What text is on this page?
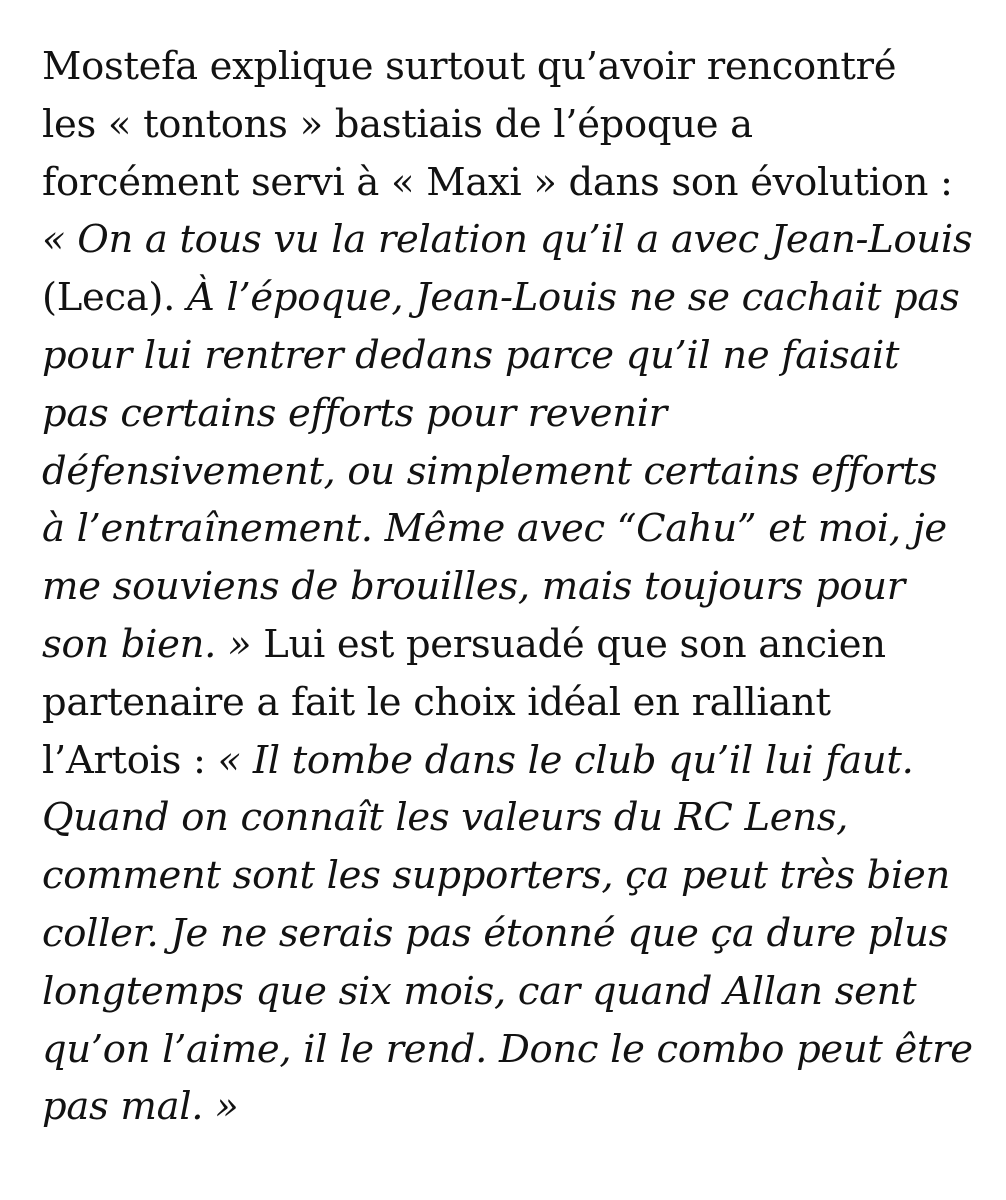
Mostefa explique surtout qu’avoir rencontré
les « tontons » bastiais de l’époque a
forcément servi à « Maxi » dans son évolution :
« On a tous vu la relation qu’il a avec Jean-Louis
(Leca). À l’époque, Jean-Louis ne se cachait pas
pour lui rentrer dedans parce qu’il ne faisait
pas certains efforts pour revenir
défensivement, ou simplement certains efforts
à l’entraînement. Même avec “Cahu” et moi, je
me souviens de brouilles, mais toujours pour
son bien. » Lui est persuadé que son ancien
partenaire a fait le choix idéal en ralliant
l’Artois : « Il tombe dans le club qu’il lui faut.
Quand on connaît les valeurs du RC Lens,
comment sont les supporters, ça peut très bien
coller. Je ne serais pas étonné que ça dure plus
longtemps que six mois, car quand Allan sent
qu’on l’aime, il le rend. Donc le combo peut être
pas mal. »
